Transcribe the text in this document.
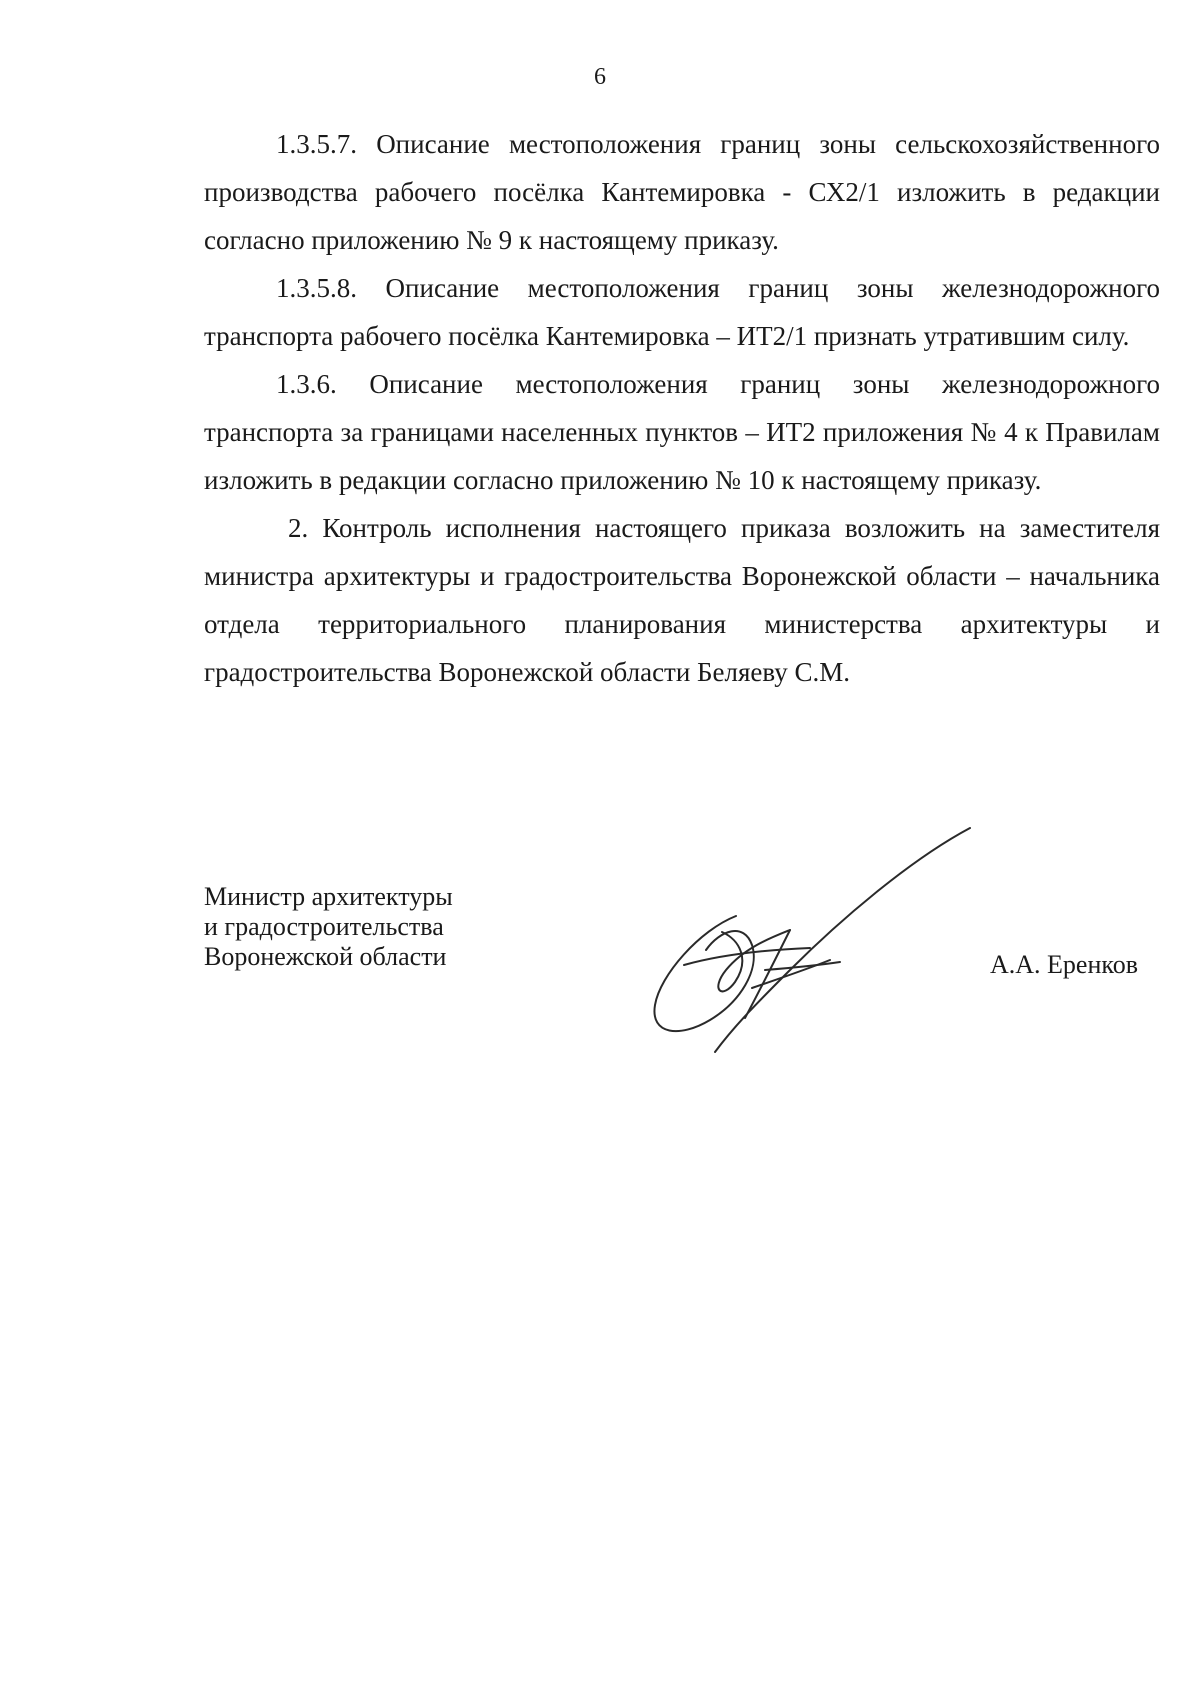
6

1.3.5.7. Описание местоположения границ зоны сельскохозяйственного производства рабочего посёлка Кантемировка - СХ2/1 изложить в редакции согласно приложению № 9 к настоящему приказу.

1.3.5.8. Описание местоположения границ зоны железнодорожного транспорта рабочего посёлка Кантемировка – ИТ2/1 признать утратившим силу.

1.3.6. Описание местоположения границ зоны железнодорожного транспорта за границами населенных пунктов – ИТ2 приложения № 4 к Правилам изложить в редакции согласно приложению № 10 к настоящему приказу.

2. Контроль исполнения настоящего приказа возложить на заместителя министра архитектуры и градостроительства Воронежской области – начальника отдела территориального планирования министерства архитектуры и градостроительства Воронежской области Беляеву С.М.

Министр архитектуры
и градостроительства
Воронежской области	А.А. Еренков
